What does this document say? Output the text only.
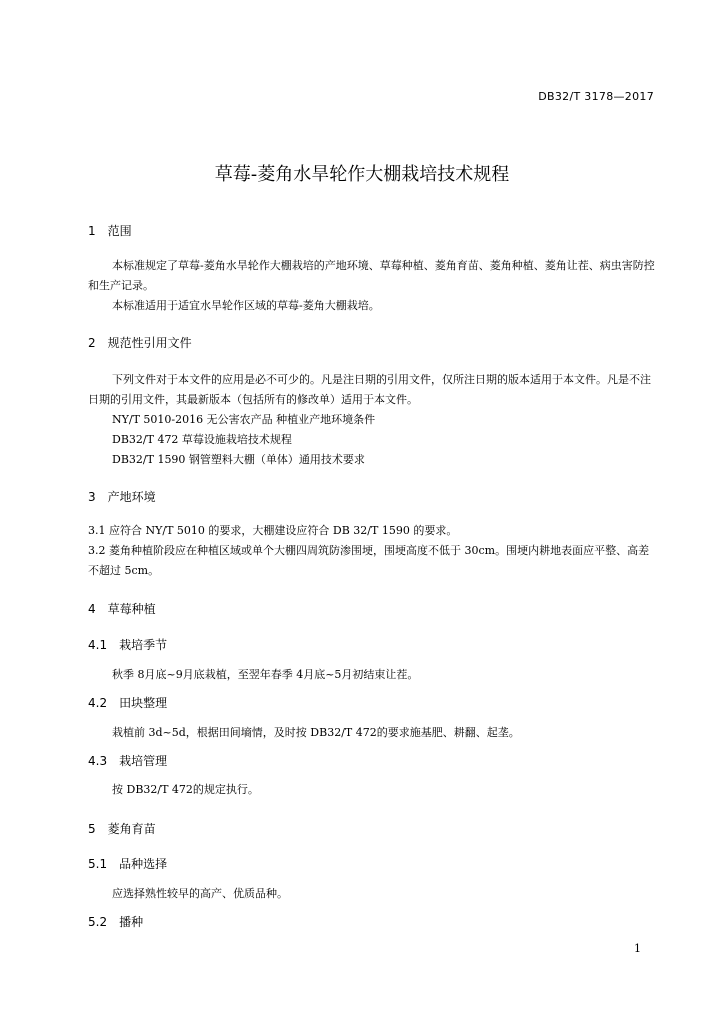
DB32/T 3178—2017
草莓-菱角水旱轮作大棚栽培技术规程
1 范围
本标准规定了草莓-菱角水旱轮作大棚栽培的产地环境、草莓种植、菱角育苗、菱角种植、菱角让茬、病虫害防控和生产记录。
本标准适用于适宜水旱轮作区域的草莓-菱角大棚栽培。
2 规范性引用文件
下列文件对于本文件的应用是必不可少的。凡是注日期的引用文件，仅所注日期的版本适用于本文件。凡是不注日期的引用文件，其最新版本（包括所有的修改单）适用于本文件。
NY/T 5010-2016 无公害农产品 种植业产地环境条件
DB32/T 472 草莓设施栽培技术规程
DB32/T 1590 钢管塑料大棚（单体）通用技术要求
3 产地环境
3.1 应符合 NY/T 5010 的要求，大棚建设应符合 DB 32/T 1590 的要求。
3.2 菱角种植阶段应在种植区域或单个大棚四周筑防渗围埂，围埂高度不低于 30cm。围埂内耕地表面应平整、高差不超过 5cm。
4 草莓种植
4.1 栽培季节
秋季 8月底~9月底栽植，至翌年春季 4月底~5月初结束让茬。
4.2 田块整理
栽植前 3d~5d，根据田间墒情，及时按 DB32/T 472的要求施基肥、耕翻、起垄。
4.3 栽培管理
按 DB32/T 472的规定执行。
5 菱角育苗
5.1 品种选择
应选择熟性较早的高产、优质品种。
5.2 播种
1
